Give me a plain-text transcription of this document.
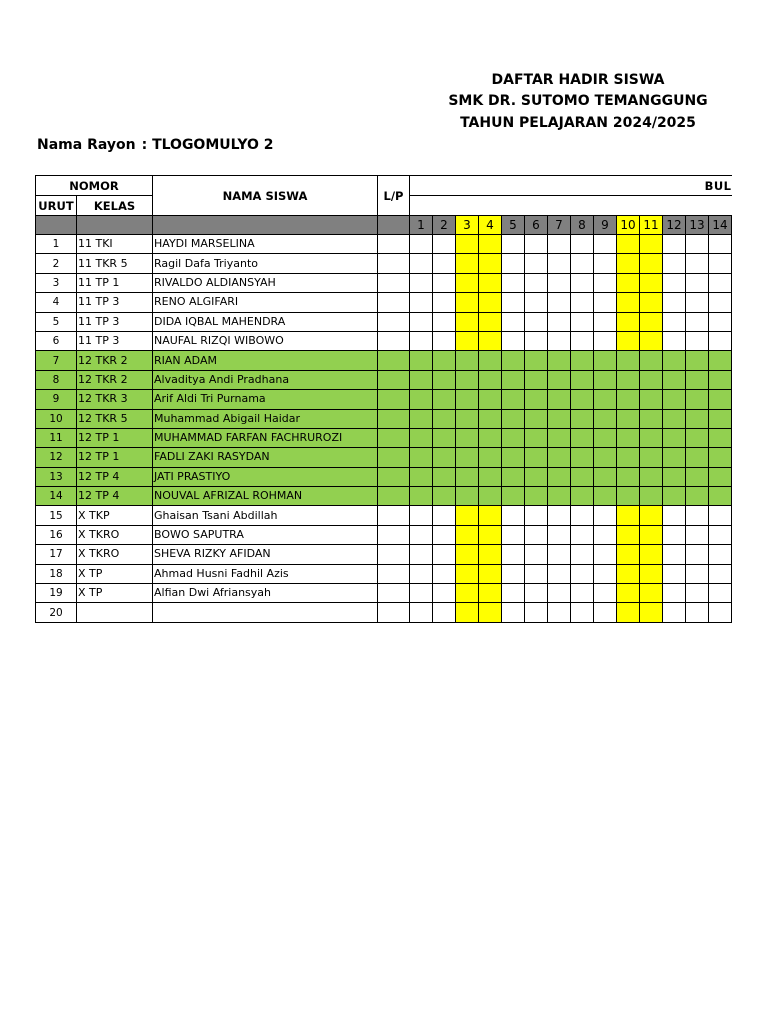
DAFTAR HADIR SISWA
SMK DR. SUTOMO TEMANGGUNG
TAHUN PELAJARAN 2024/2025
Nama Rayon : TLOGOMULYO 2
NOMOR		NAMA SISWA	L/P	BUL													
URUT	KELAS																
				1	2	3	4	5	6	7	8	9	10	11	12	13	14
1	11 TKI	HAYDI MARSELINA															
2	11 TKR 5	Ragil Dafa Triyanto															
3	11 TP 1	RIVALDO ALDIANSYAH															
4	11 TP 3	RENO ALGIFARI															
5	11 TP 3	DIDA IQBAL MAHENDRA															
6	11 TP 3	NAUFAL RIZQI WIBOWO															
7	12 TKR 2	RIAN ADAM															
8	12 TKR 2	Alvaditya Andi Pradhana															
9	12 TKR 3	Arif Aldi Tri Purnama															
10	12 TKR 5	Muhammad Abigail Haidar															
11	12 TP 1	MUHAMMAD FARFAN FACHRUROZI															
12	12 TP 1	FADLI ZAKI RASYDAN															
13	12 TP 4	JATI PRASTIYO															
14	12 TP 4	NOUVAL AFRIZAL ROHMAN															
15	X TKP	Ghaisan Tsani Abdillah															
16	X TKRO	BOWO SAPUTRA															
17	X TKRO	SHEVA RIZKY AFIDAN															
18	X TP	Ahmad Husni Fadhil Azis															
19	X TP	Alfian Dwi Afriansyah															
20																	
